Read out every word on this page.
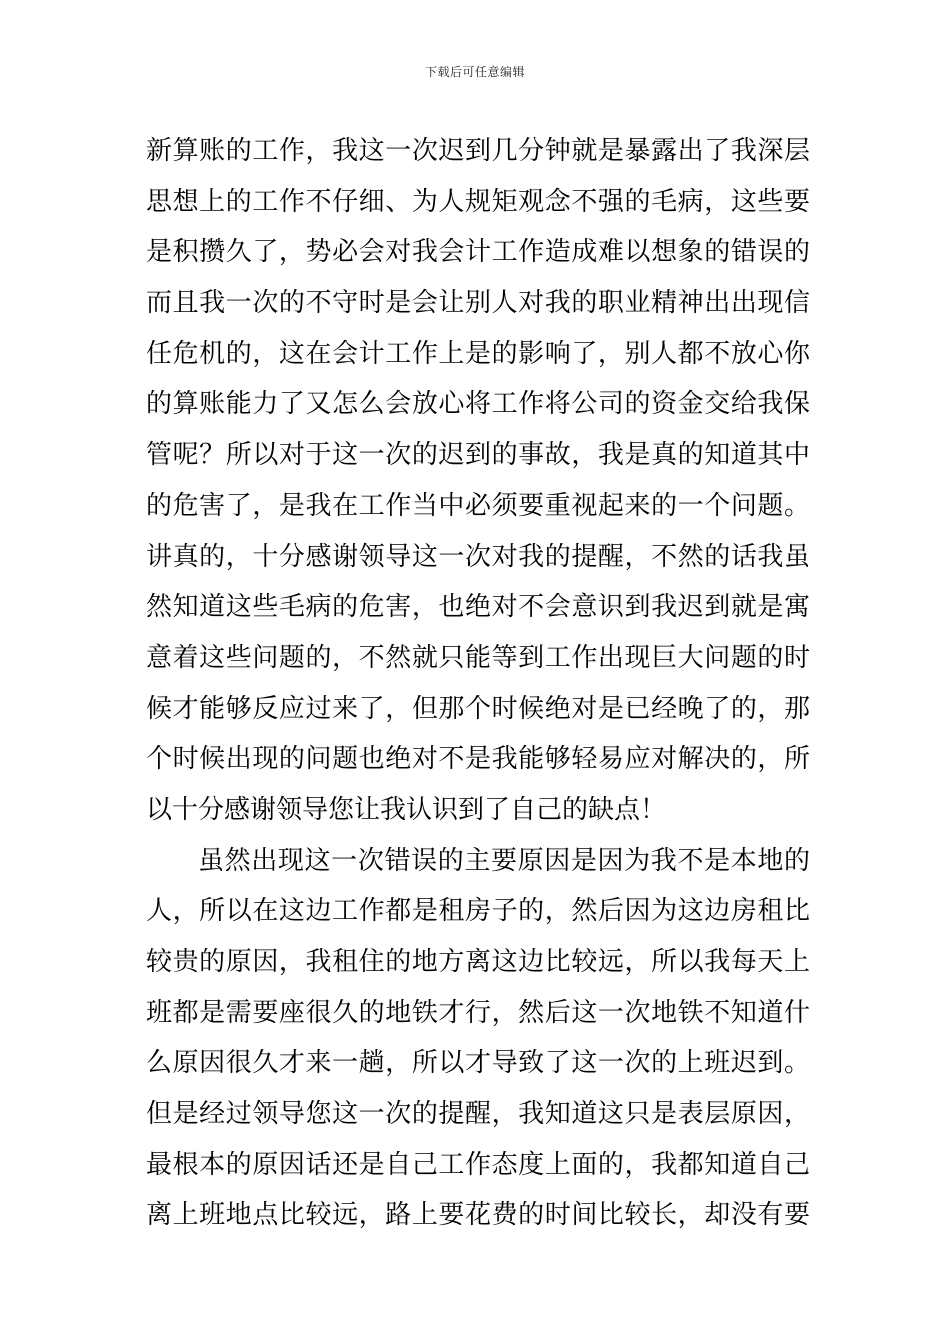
下载后可任意编辑
新算账的工作，我这一次迟到几分钟就是暴露出了我深层
思想上的工作不仔细、为人规矩观念不强的毛病，这些要
是积攒久了，势必会对我会计工作造成难以想象的错误的
而且我一次的不守时是会让别人对我的职业精神出出现信
任危机的，这在会计工作上是的影响了，别人都不放心你
的算账能力了又怎么会放心将工作将公司的资金交给我保
管呢？所以对于这一次的迟到的事故，我是真的知道其中
的危害了，是我在工作当中必须要重视起来的一个问题。
讲真的，十分感谢领导这一次对我的提醒，不然的话我虽
然知道这些毛病的危害，也绝对不会意识到我迟到就是寓
意着这些问题的，不然就只能等到工作出现巨大问题的时
候才能够反应过来了，但那个时候绝对是已经晚了的，那
个时候出现的问题也绝对不是我能够轻易应对解决的，所
以十分感谢领导您让我认识到了自己的缺点！
虽然出现这一次错误的主要原因是因为我不是本地的
人，所以在这边工作都是租房子的，然后因为这边房租比
较贵的原因，我租住的地方离这边比较远，所以我每天上
班都是需要座很久的地铁才行，然后这一次地铁不知道什
么原因很久才来一趟，所以才导致了这一次的上班迟到。
但是经过领导您这一次的提醒，我知道这只是表层原因，
最根本的原因话还是自己工作态度上面的，我都知道自己
离上班地点比较远，路上要花费的时间比较长，却没有要
